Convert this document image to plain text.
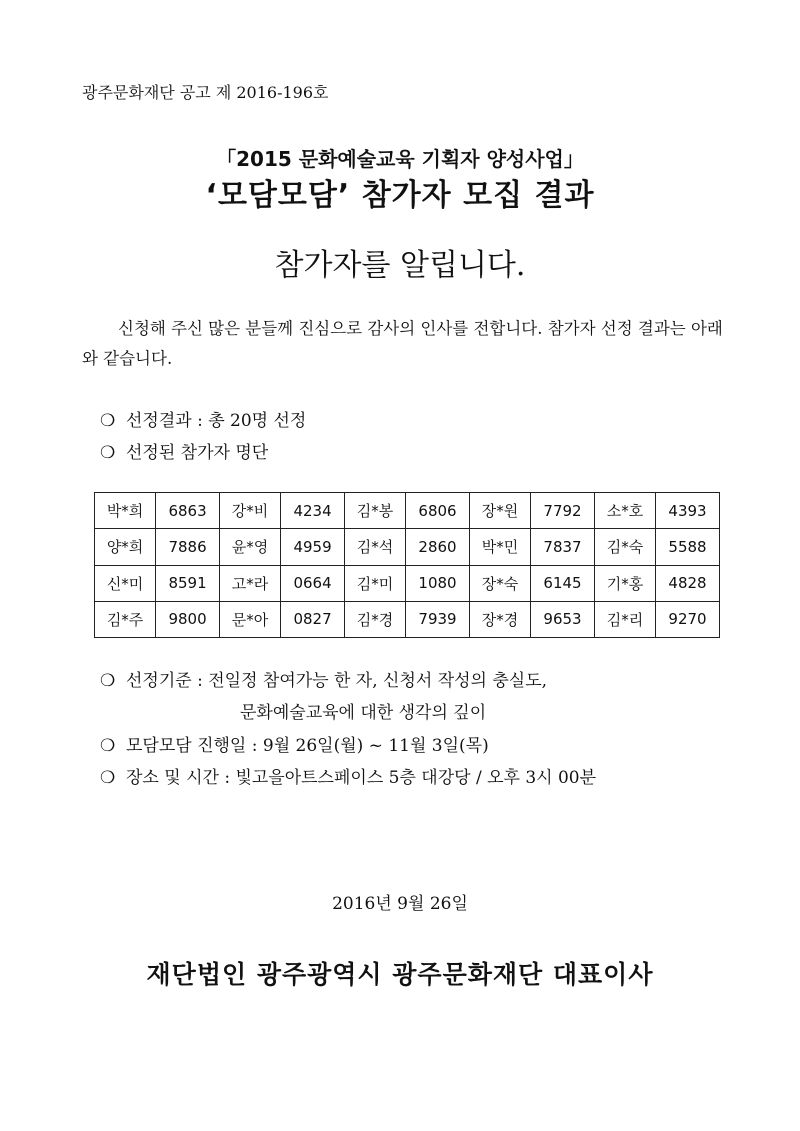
광주문화재단 공고 제 2016-196호
「2015 문화예술교육 기획자 양성사업」
‘모담모담’ 참가자 모집 결과
참가자를 알립니다.
신청해 주신 많은 분들께 진심으로 감사의 인사를 전합니다. 참가자 선정 결과는 아래와 같습니다.
❍ 선정결과 : 총 20명 선정
❍ 선정된 참가자 명단
박*희	6863	강*비	4234	김*봉	6806	장*원	7792	소*호	4393
양*희	7886	윤*영	4959	김*석	2860	박*민	7837	김*숙	5588
신*미	8591	고*라	0664	김*미	1080	장*숙	6145	기*홍	4828
김*주	9800	문*아	0827	김*경	7939	장*경	9653	김*리	9270
❍ 선정기준 : 전일정 참여가능 한 자, 신청서 작성의 충실도,
문화예술교육에 대한 생각의 깊이
❍ 모담모담 진행일 : 9월 26일(월) ~ 11월 3일(목)
❍ 장소 및 시간 : 빛고을아트스페이스 5층 대강당 / 오후 3시 00분
2016년 9월 26일
재단법인 광주광역시 광주문화재단 대표이사
